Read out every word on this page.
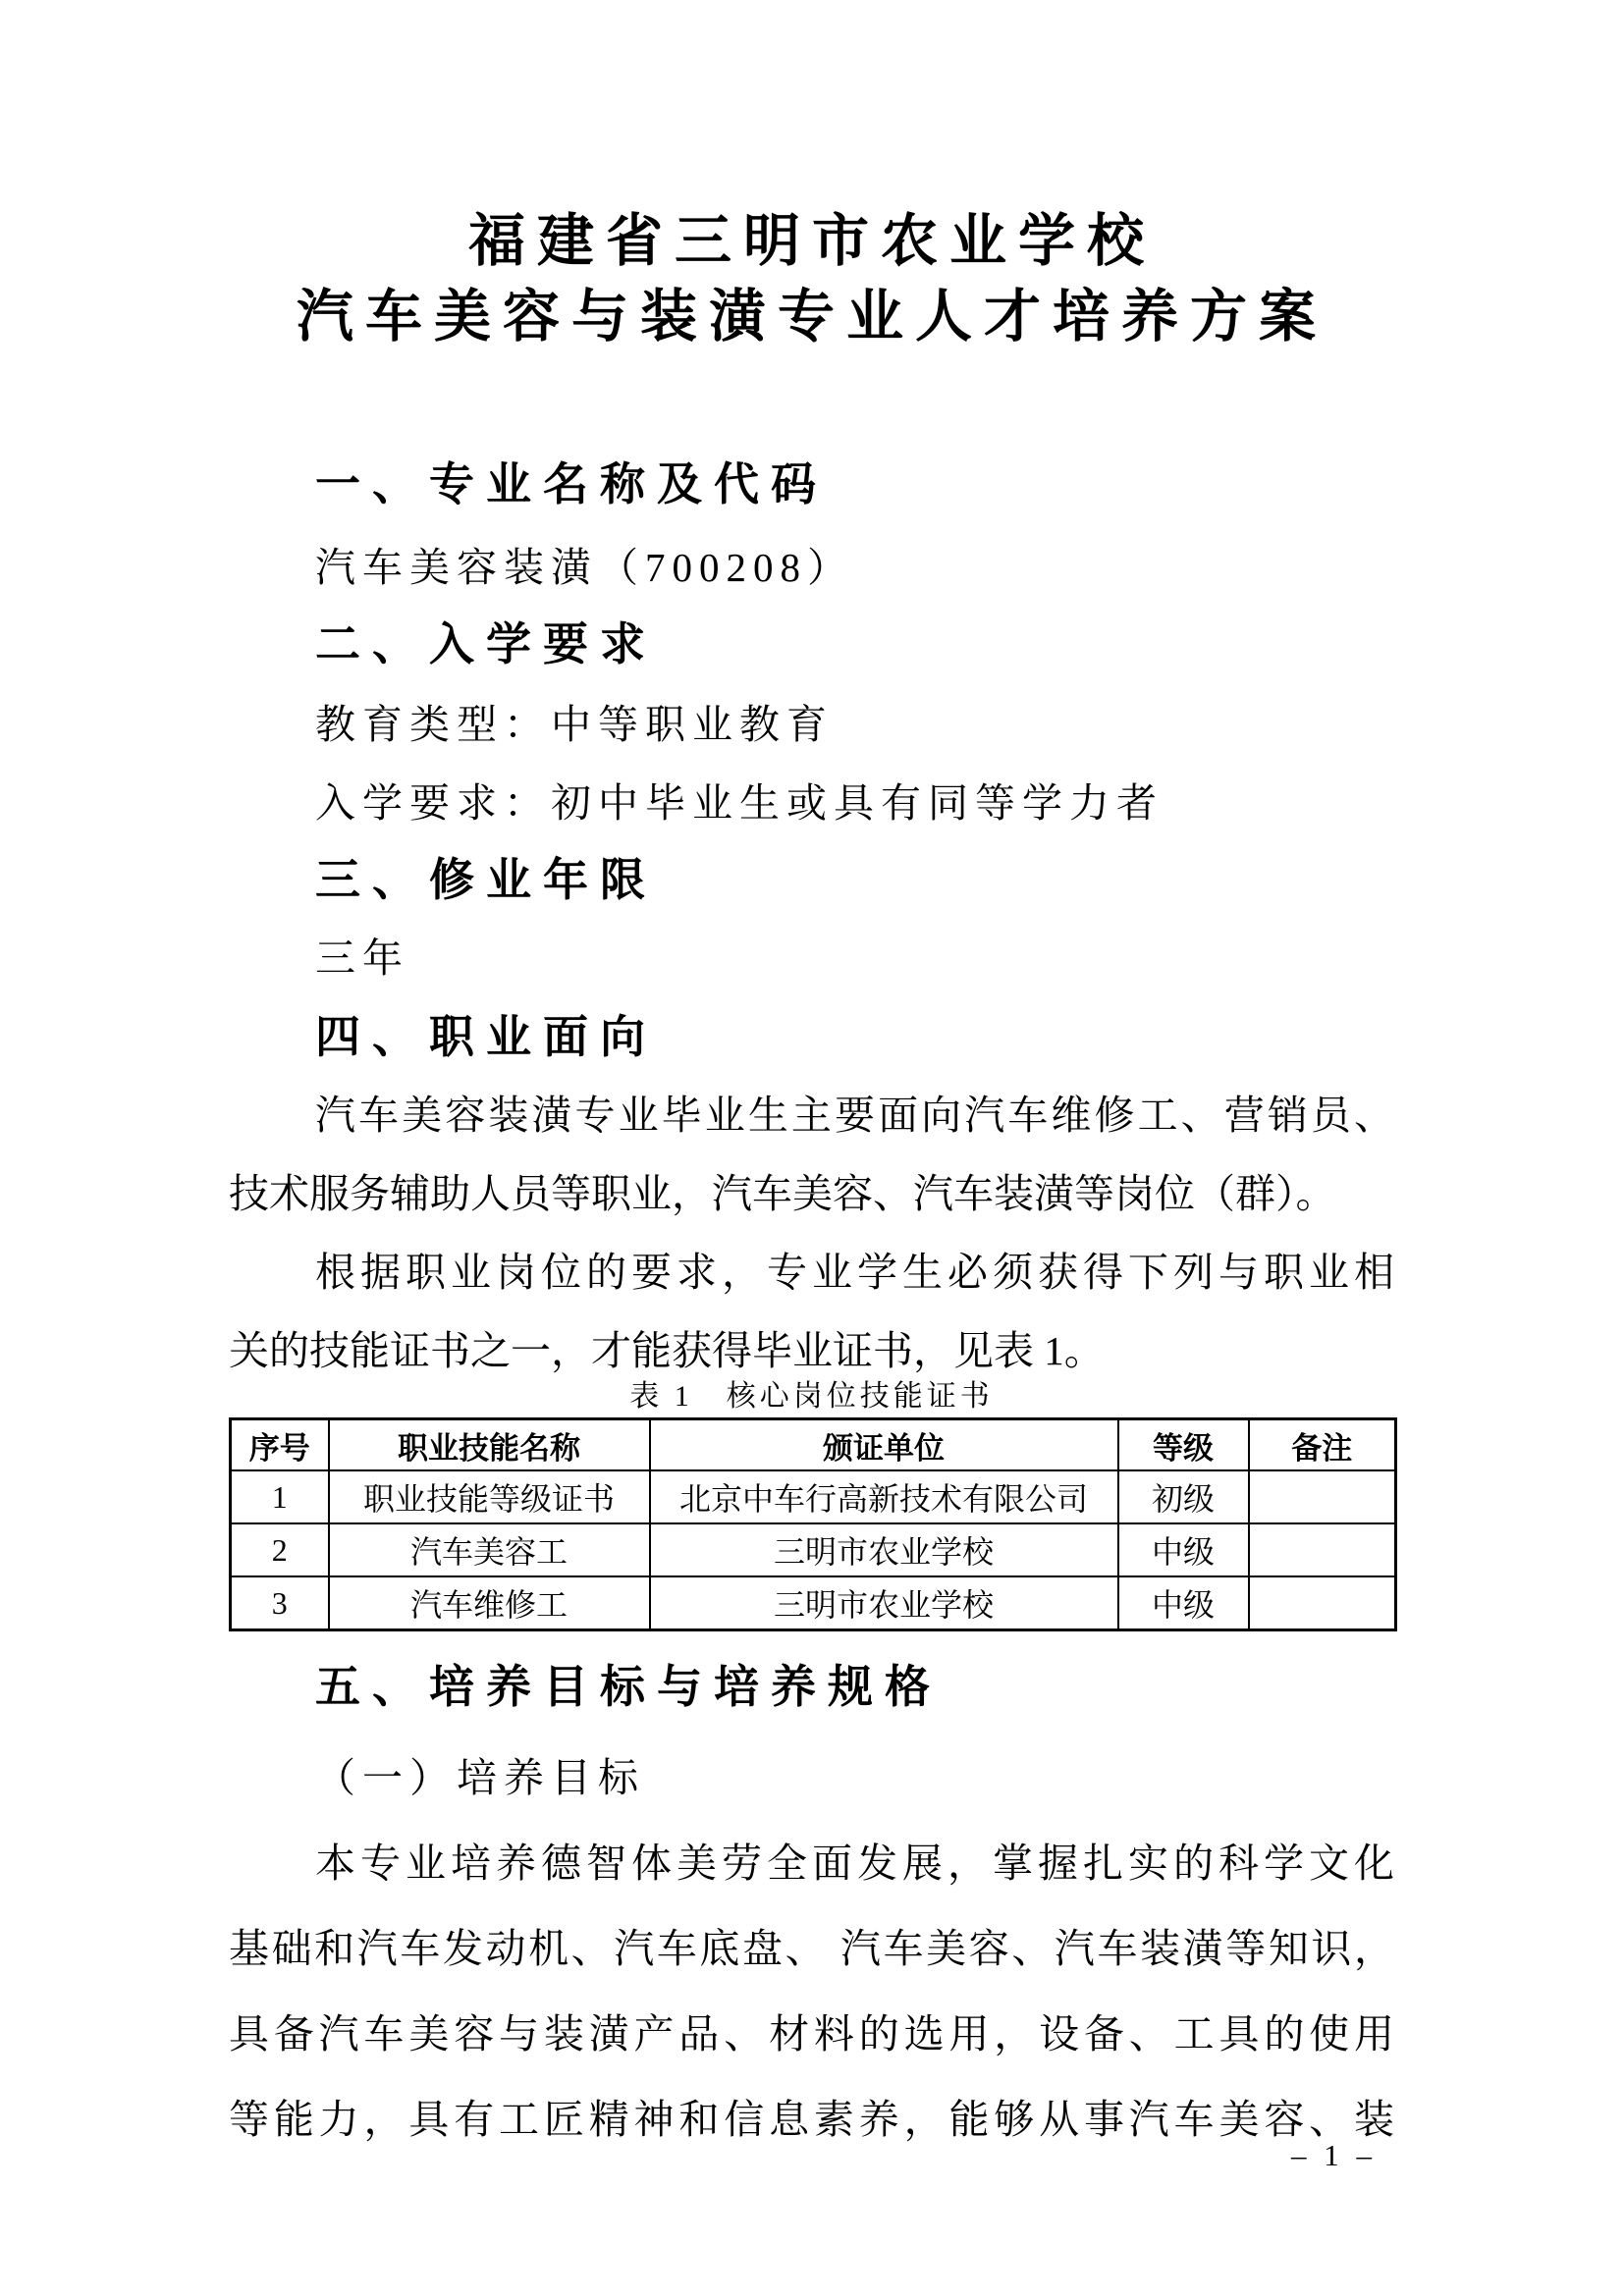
福建省三明市农业学校
汽车美容与装潢专业人才培养方案
一、专业名称及代码
汽车美容装潢（700208）
二、入学要求
教育类型：中等职业教育
入学要求：初中毕业生或具有同等学力者
三、修业年限
三年
四、职业面向
汽车美容装潢专业毕业生主要面向汽车维修工、营销员、
技术服务辅助人员等职业，汽车美容、汽车装潢等岗位（群）。
根据职业岗位的要求，专业学生必须获得下列与职业相
关的技能证书之一，才能获得毕业证书，见表 1。
表 1　核心岗位技能证书
序号	职业技能名称	颁证单位	等级	备注
1	职业技能等级证书	北京中车行高新技术有限公司	初级	
2	汽车美容工	三明市农业学校	中级	
3	汽车维修工	三明市农业学校	中级	
五、培养目标与培养规格
（一）培养目标
本专业培养德智体美劳全面发展，掌握扎实的科学文化
基础和汽车发动机、汽车底盘、 汽车美容、汽车装潢等知识，
具备汽车美容与装潢产品、材料的选用，设备、工具的使用
等能力，具有工匠精神和信息素养，能够从事汽车美容、装
– 1 –
